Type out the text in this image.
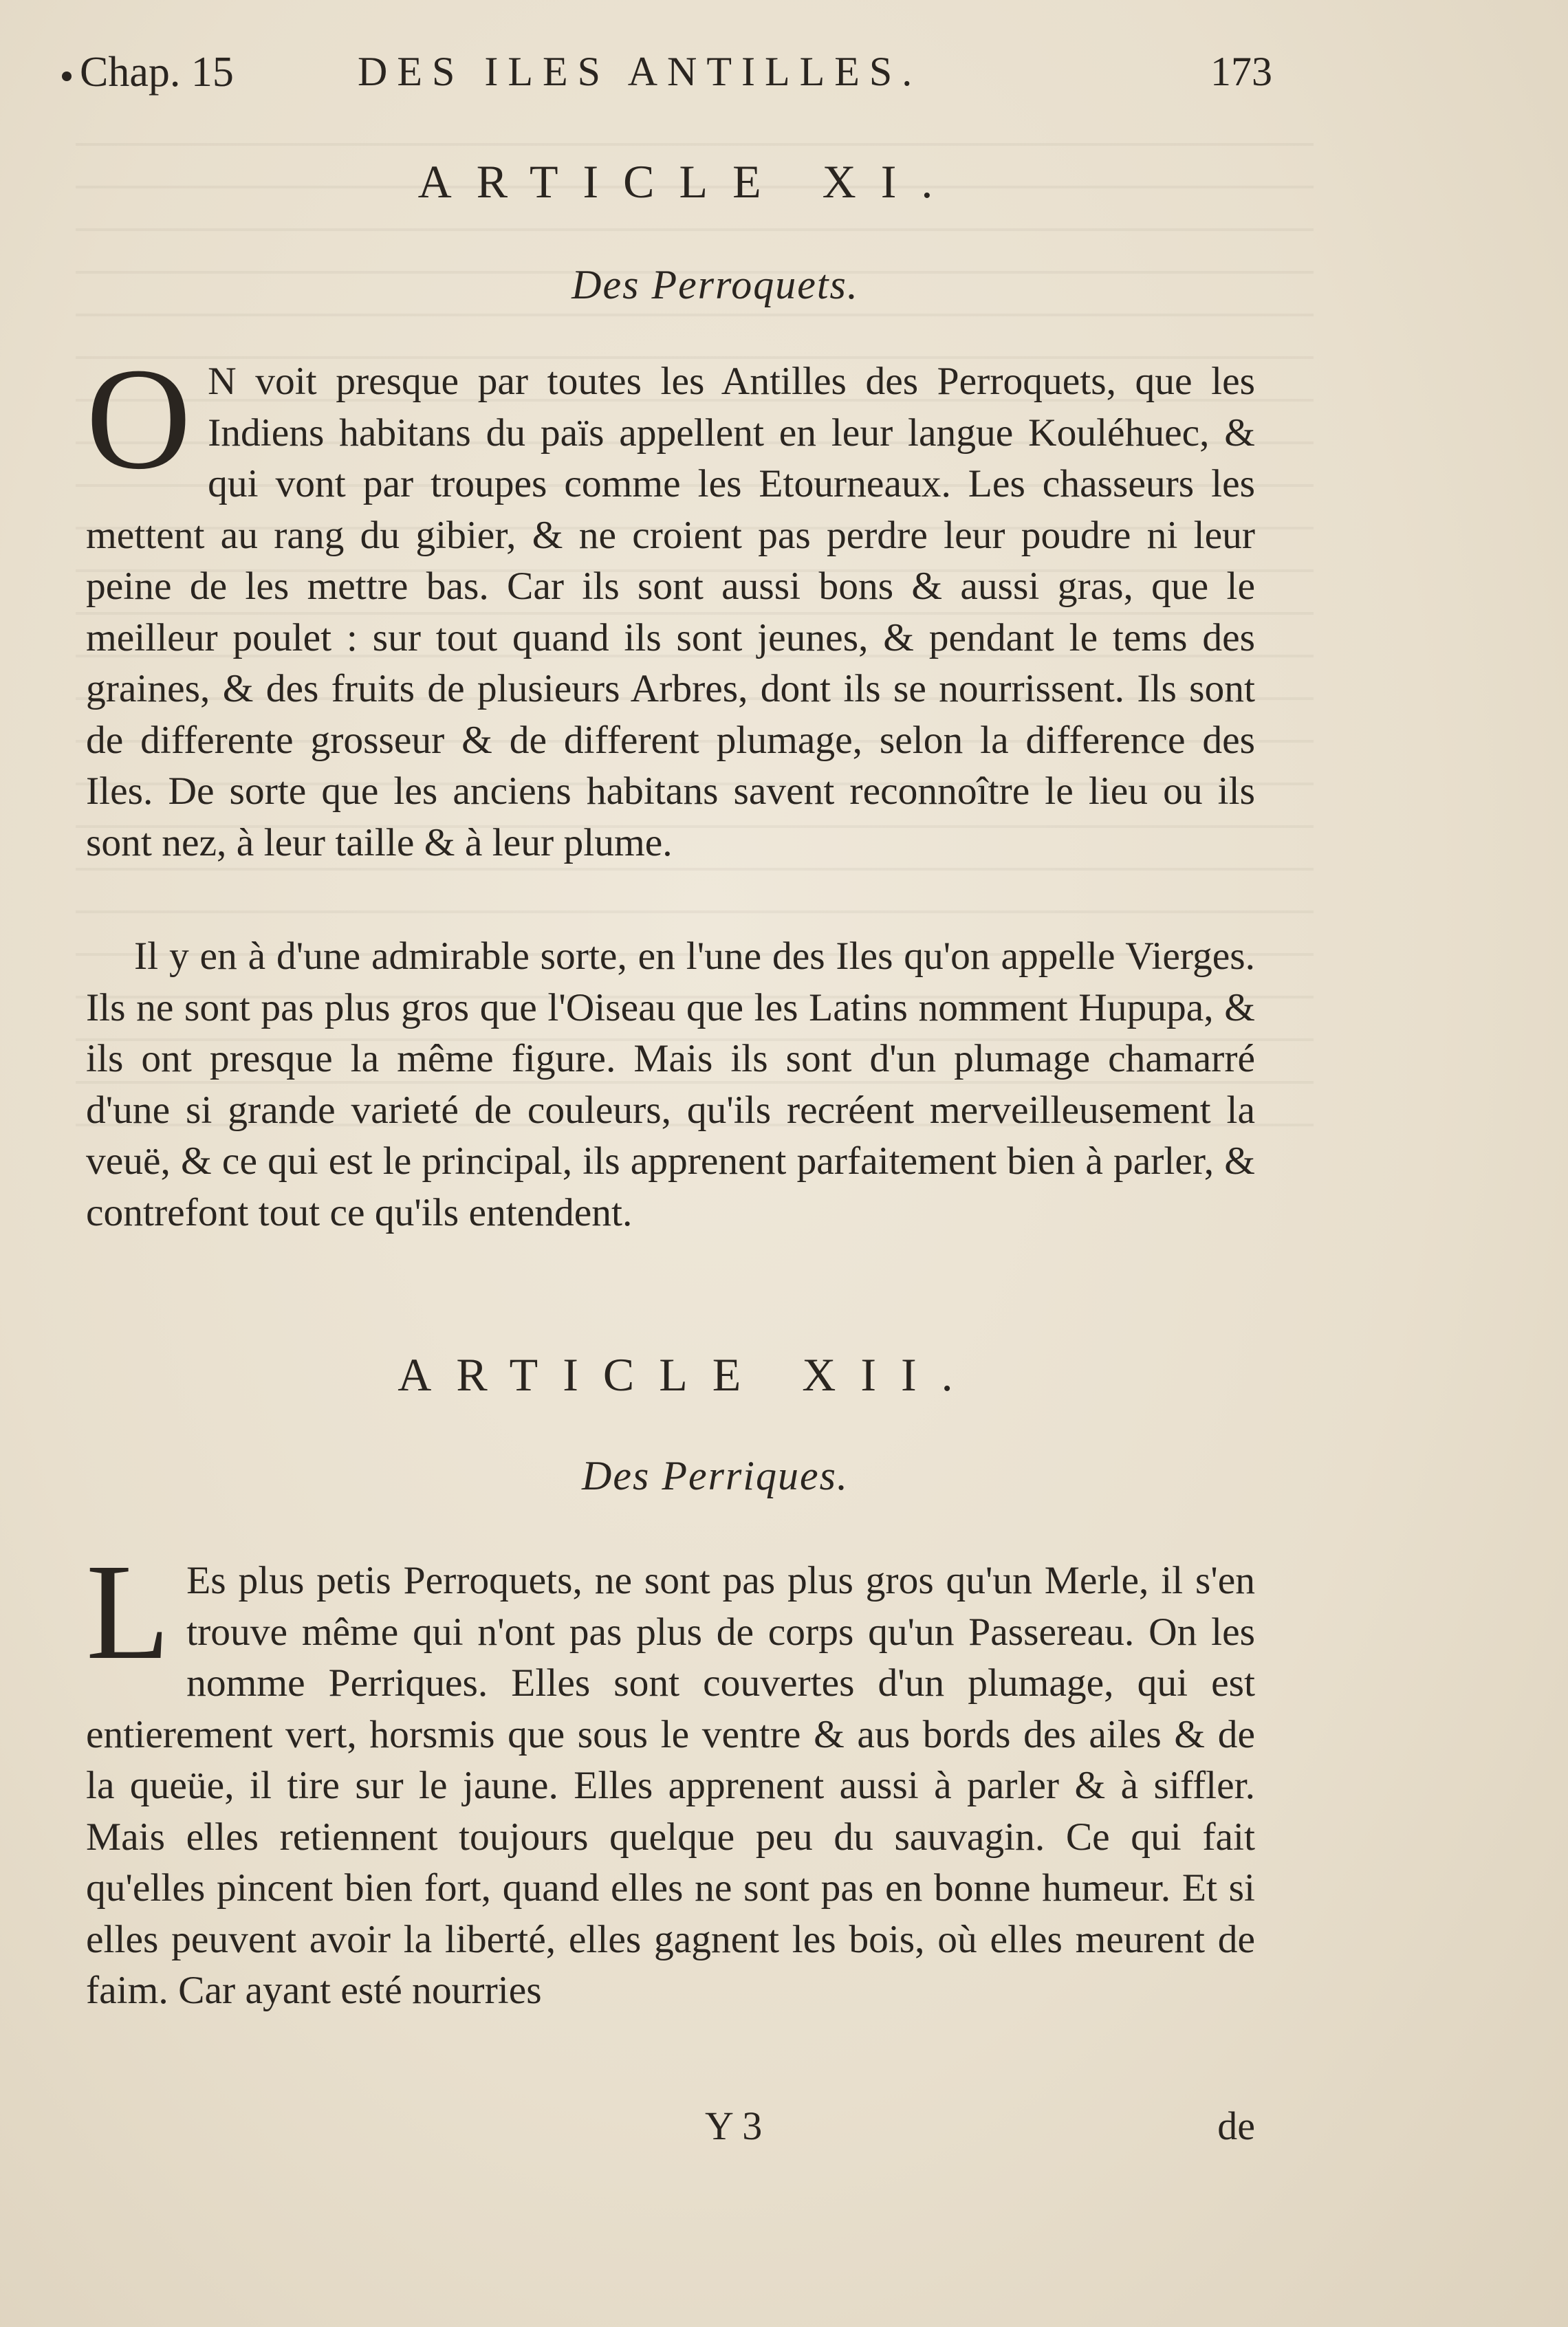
Chap. 15	DES ILES ANTILLES.	173
ARTICLE XI.
Des Perroquets.
O N voit presque par toutes les Antilles des Perroquets, que les Indiens habitans du païs appellent en leur langue Kouléhuec, & qui vont par troupes comme les Etourneaux. Les chasseurs les mettent au rang du gibier, & ne croient pas perdre leur poudre ni leur peine de les mettre bas. Car ils sont aussi bons & aussi gras, que le meilleur poulet : sur tout quand ils sont jeunes, & pendant le tems des graines, & des fruits de plusieurs Arbres, dont ils se nourrissent. Ils sont de differente grosseur & de different plumage, selon la difference des Iles. De sorte que les anciens habitans savent reconnoître le lieu ou ils sont nez, à leur taille & à leur plume.
Il y en à d'une admirable sorte, en l'une des Iles qu'on appelle Vierges. Ils ne sont pas plus gros que l'Oiseau que les Latins nomment Hupupa, & ils ont presque la même figure. Mais ils sont d'un plumage chamarré d'une si grande varieté de couleurs, qu'ils recréent merveilleusement la veuë, & ce qui est le principal, ils apprenent parfaitement bien à parler, & contrefont tout ce qu'ils entendent.
ARTICLE XII.
Des Perriques.
L Es plus petis Perroquets, ne sont pas plus gros qu'un Merle, il s'en trouve même qui n'ont pas plus de corps qu'un Passereau. On les nomme Perriques. Elles sont couvertes d'un plumage, qui est entierement vert, horsmis que sous le ventre & aus bords des ailes & de la queüe, il tire sur le jaune. Elles apprenent aussi à parler & à siffler. Mais elles retiennent toujours quelque peu du sauvagin. Ce qui fait qu'elles pincent bien fort, quand elles ne sont pas en bonne humeur. Et si elles peuvent avoir la liberté, elles gagnent les bois, où elles meurent de faim. Car ayant esté nourries
Y 3	de
